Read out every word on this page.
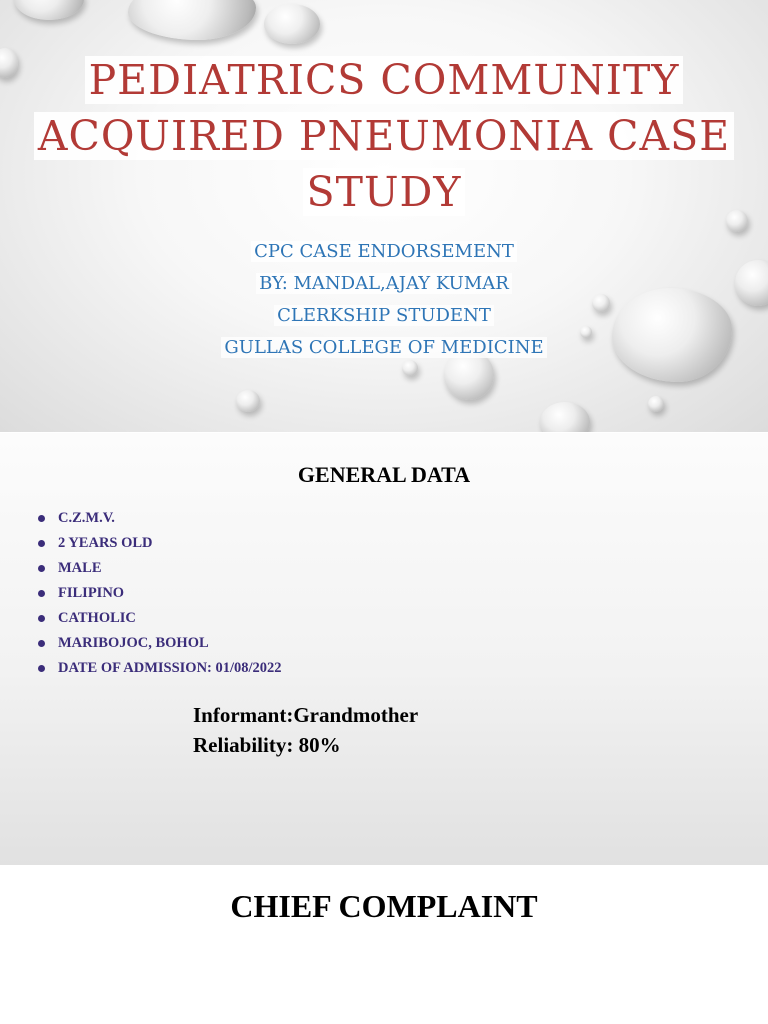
PEDIATRICS COMMUNITY
ACQUIRED PNEUMONIA CASE
STUDY
CPC CASE ENDORSEMENT
BY: MANDAL,AJAY KUMAR
CLERKSHIP STUDENT
GULLAS COLLEGE OF MEDICINE
GENERAL DATA
C.Z.M.V.
2 YEARS OLD
MALE
FILIPINO
CATHOLIC
MARIBOJOC, BOHOL
DATE OF ADMISSION: 01/08/2022
Informant:Grandmother
Reliability: 80%
CHIEF COMPLAINT
